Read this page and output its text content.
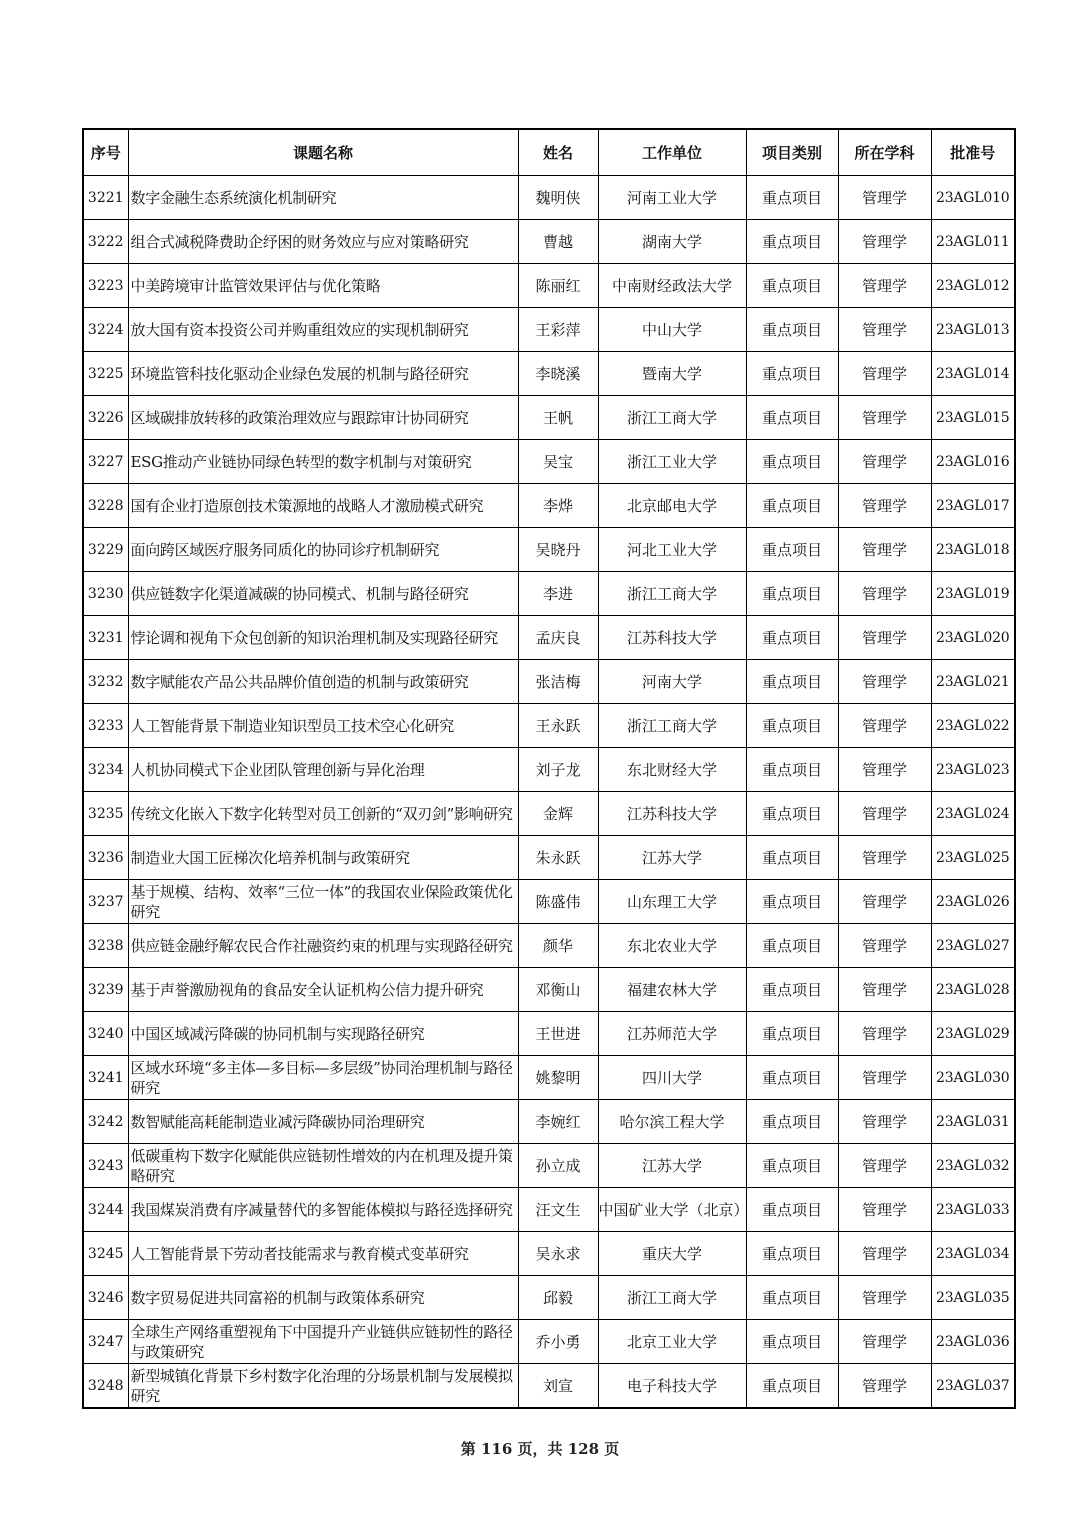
序号	课题名称	姓名	工作单位	项目类别	所在学科	批准号
3221	数字金融生态系统演化机制研究	魏明侠	河南工业大学	重点项目	管理学	23AGL010
3222	组合式减税降费助企纾困的财务效应与应对策略研究	曹越	湖南大学	重点项目	管理学	23AGL011
3223	中美跨境审计监管效果评估与优化策略	陈丽红	中南财经政法大学	重点项目	管理学	23AGL012
3224	放大国有资本投资公司并购重组效应的实现机制研究	王彩萍	中山大学	重点项目	管理学	23AGL013
3225	环境监管科技化驱动企业绿色发展的机制与路径研究	李晓溪	暨南大学	重点项目	管理学	23AGL014
3226	区域碳排放转移的政策治理效应与跟踪审计协同研究	王帆	浙江工商大学	重点项目	管理学	23AGL015
3227	ESG推动产业链协同绿色转型的数字机制与对策研究	吴宝	浙江工业大学	重点项目	管理学	23AGL016
3228	国有企业打造原创技术策源地的战略人才激励模式研究	李烨	北京邮电大学	重点项目	管理学	23AGL017
3229	面向跨区域医疗服务同质化的协同诊疗机制研究	吴晓丹	河北工业大学	重点项目	管理学	23AGL018
3230	供应链数字化渠道减碳的协同模式、机制与路径研究	李进	浙江工商大学	重点项目	管理学	23AGL019
3231	悖论调和视角下众包创新的知识治理机制及实现路径研究	孟庆良	江苏科技大学	重点项目	管理学	23AGL020
3232	数字赋能农产品公共品牌价值创造的机制与政策研究	张洁梅	河南大学	重点项目	管理学	23AGL021
3233	人工智能背景下制造业知识型员工技术空心化研究	王永跃	浙江工商大学	重点项目	管理学	23AGL022
3234	人机协同模式下企业团队管理创新与异化治理	刘子龙	东北财经大学	重点项目	管理学	23AGL023
3235	传统文化嵌入下数字化转型对员工创新的“双刃剑”影响研究	金辉	江苏科技大学	重点项目	管理学	23AGL024
3236	制造业大国工匠梯次化培养机制与政策研究	朱永跃	江苏大学	重点项目	管理学	23AGL025
3237	基于规模、结构、效率“三位一体”的我国农业保险政策优化研究	陈盛伟	山东理工大学	重点项目	管理学	23AGL026
3238	供应链金融纾解农民合作社融资约束的机理与实现路径研究	颜华	东北农业大学	重点项目	管理学	23AGL027
3239	基于声誉激励视角的食品安全认证机构公信力提升研究	邓衡山	福建农林大学	重点项目	管理学	23AGL028
3240	中国区域减污降碳的协同机制与实现路径研究	王世进	江苏师范大学	重点项目	管理学	23AGL029
3241	区域水环境“多主体—多目标—多层级”协同治理机制与路径研究	姚黎明	四川大学	重点项目	管理学	23AGL030
3242	数智赋能高耗能制造业减污降碳协同治理研究	李婉红	哈尔滨工程大学	重点项目	管理学	23AGL031
3243	低碳重构下数字化赋能供应链韧性增效的内在机理及提升策略研究	孙立成	江苏大学	重点项目	管理学	23AGL032
3244	我国煤炭消费有序减量替代的多智能体模拟与路径选择研究	汪文生	中国矿业大学（北京）	重点项目	管理学	23AGL033
3245	人工智能背景下劳动者技能需求与教育模式变革研究	吴永求	重庆大学	重点项目	管理学	23AGL034
3246	数字贸易促进共同富裕的机制与政策体系研究	邱毅	浙江工商大学	重点项目	管理学	23AGL035
3247	全球生产网络重塑视角下中国提升产业链供应链韧性的路径与政策研究	乔小勇	北京工业大学	重点项目	管理学	23AGL036
3248	新型城镇化背景下乡村数字化治理的分场景机制与发展模拟研究	刘宣	电子科技大学	重点项目	管理学	23AGL037
第 116 页，共 128 页
